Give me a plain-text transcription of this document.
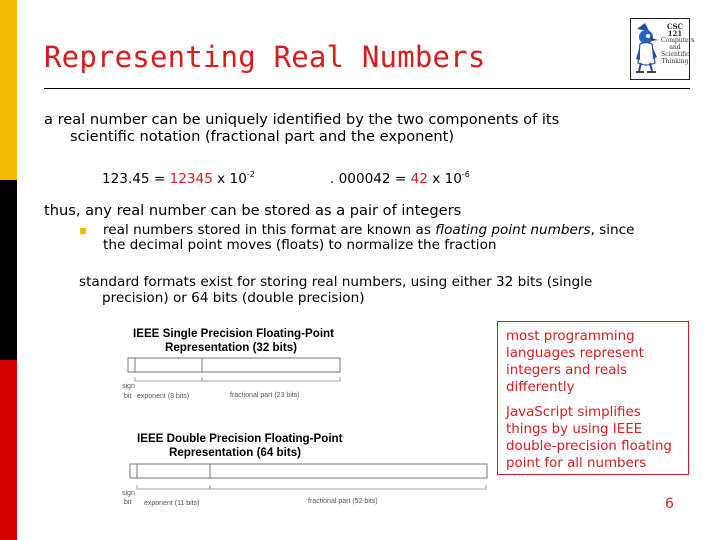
Representing Real Numbers
CSC 121
Computers
and
Scientific
Thinking
a real number can be uniquely identified by the two components of its
scientific notation (fractional part and the exponent)
123.45 = 12345 x $10^{-2}$	. 000042 = 42 x $10^{-6}$
thus, any real number can be stored as a pair of integers
real numbers stored in this format are known as floating point numbers, since
the decimal point moves (floats) to normalize the fraction
standard formats exist for storing real numbers, using either 32 bits (single
precision) or 64 bits (double precision)
IEEE Single Precision Floating-Point
Representation (32 bits)
sign
bit exponent (8 bits)	fractional part (23 bits)
IEEE Double Precision Floating-Point
Representation (64 bits)
sign
bit exponent (11 bits)	fractional part (52 bits)

most programming
languages represent
integers and reals
differently

JavaScript simplifies
things by using IEEE
double-precision floating
point for all numbers

6
